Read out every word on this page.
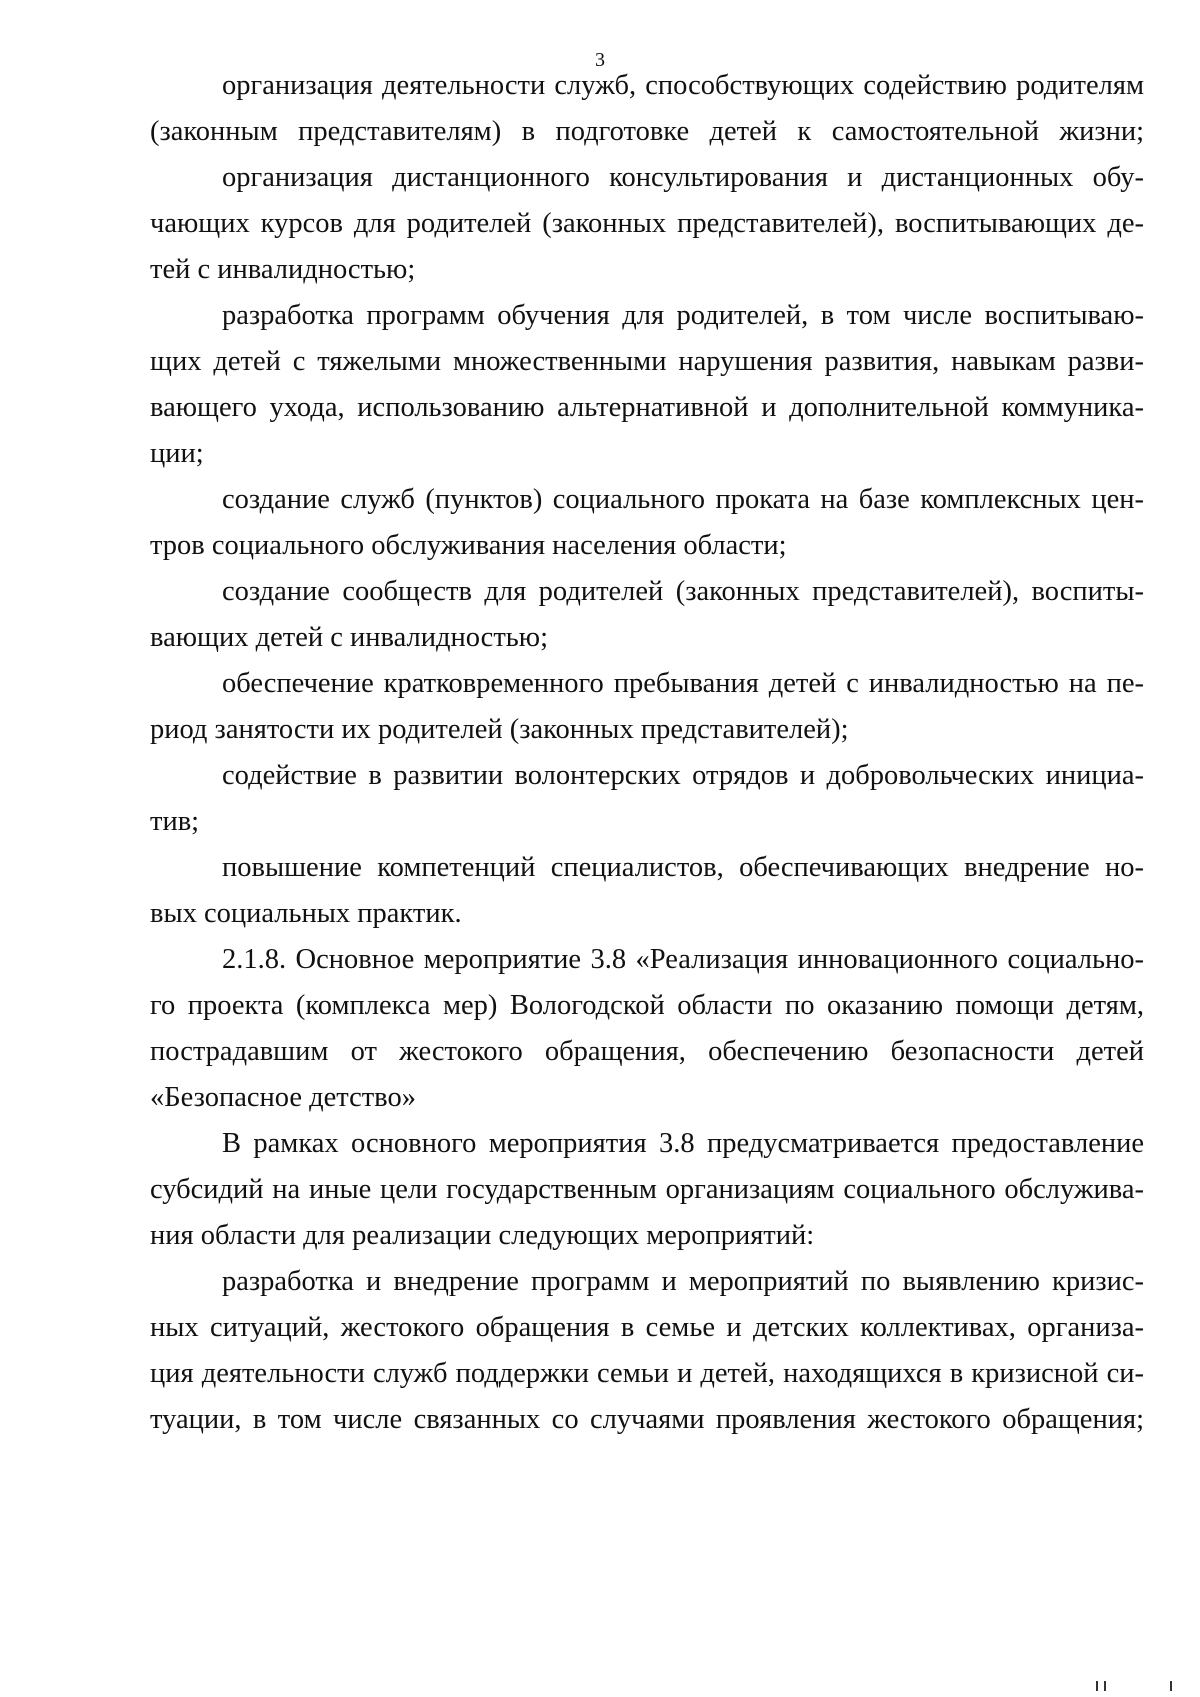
3
организация деятельности служб, способствующих содействию родителям
(законным представителям) в подготовке детей к самостоятельной жизни;
организация дистанционного консультирования и дистанционных обу-
чающих курсов для родителей (законных представителей), воспитывающих де-
тей с инвалидностью;
разработка программ обучения для родителей, в том числе воспитываю-
щих детей с тяжелыми множественными нарушения развития, навыкам разви-
вающего ухода, использованию альтернативной и дополнительной коммуника-
ции;
создание служб (пунктов) социального проката на базе комплексных цен-
тров социального обслуживания населения области;
создание сообществ для родителей (законных представителей), воспиты-
вающих детей с инвалидностью;
обеспечение кратковременного пребывания детей с инвалидностью на пе-
риод занятости их родителей (законных представителей);
содействие в развитии волонтерских отрядов и добровольческих инициа-
тив;
повышение компетенций специалистов, обеспечивающих внедрение но-
вых социальных практик.
2.1.8. Основное мероприятие 3.8 «Реализация инновационного социально-
го проекта (комплекса мер) Вологодской области по оказанию помощи детям,
пострадавшим от жестокого обращения, обеспечению безопасности детей
«Безопасное детство»
В рамках основного мероприятия 3.8 предусматривается предоставление
субсидий на иные цели государственным организациям социального обслужива-
ния области для реализации следующих мероприятий:
разработка и внедрение программ и мероприятий по выявлению кризис-
ных ситуаций, жестокого обращения в семье и детских коллективах, организа-
ция деятельности служб поддержки семьи и детей, находящихся в кризисной си-
туации, в том числе связанных со случаями проявления жестокого обращения;
